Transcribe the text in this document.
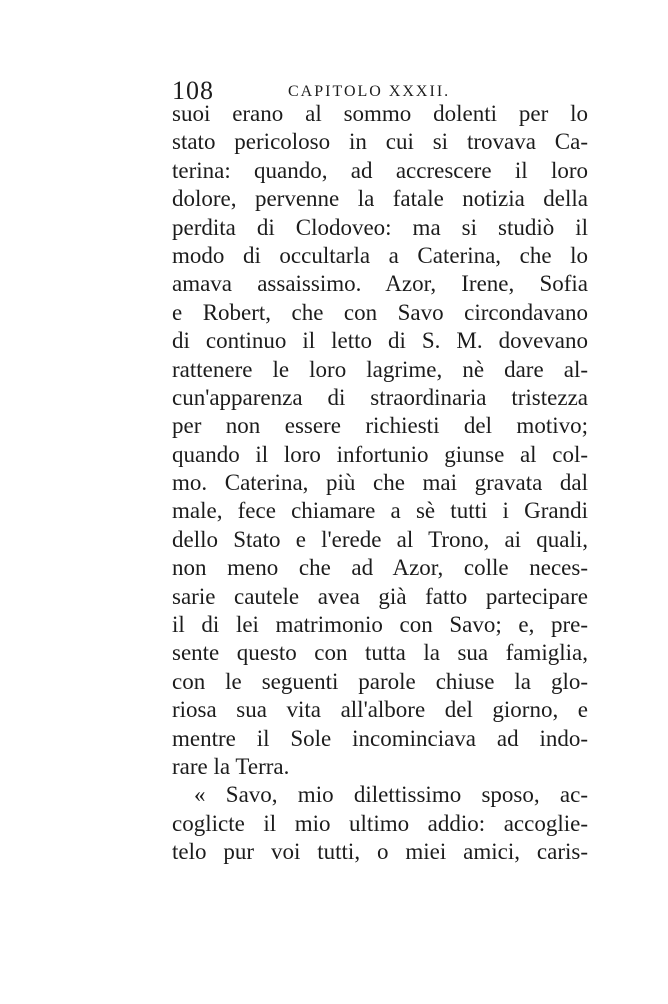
108	CAPITOLO XXXII.
suoi erano al sommo dolenti per lo
stato pericoloso in cui si trovava Ca-
terina: quando, ad accrescere il loro
dolore, pervenne la fatale notizia della
perdita di Clodoveo: ma si studiò il
modo di occultarla a Caterina, che lo
amava assaissimo. Azor, Irene, Sofia
e Robert, che con Savo circondavano
di continuo il letto di S. M. dovevano
rattenere le loro lagrime, nè dare al-
cun'apparenza di straordinaria tristezza
per non essere richiesti del motivo;
quando il loro infortunio giunse al col-
mo. Caterina, più che mai gravata dal
male, fece chiamare a sè tutti i Grandi
dello Stato e l'erede al Trono, ai quali,
non meno che ad Azor, colle neces-
sarie cautele avea già fatto partecipare
il di lei matrimonio con Savo; e, pre-
sente questo con tutta la sua famiglia,
con le seguenti parole chiuse la glo-
riosa sua vita all'albore del giorno, e
mentre il Sole incominciava ad indo-
rare la Terra.
« Savo, mio dilettissimo sposo, ac-
coglicte il mio ultimo addio: accoglie-
telo pur voi tutti, o miei amici, caris-
